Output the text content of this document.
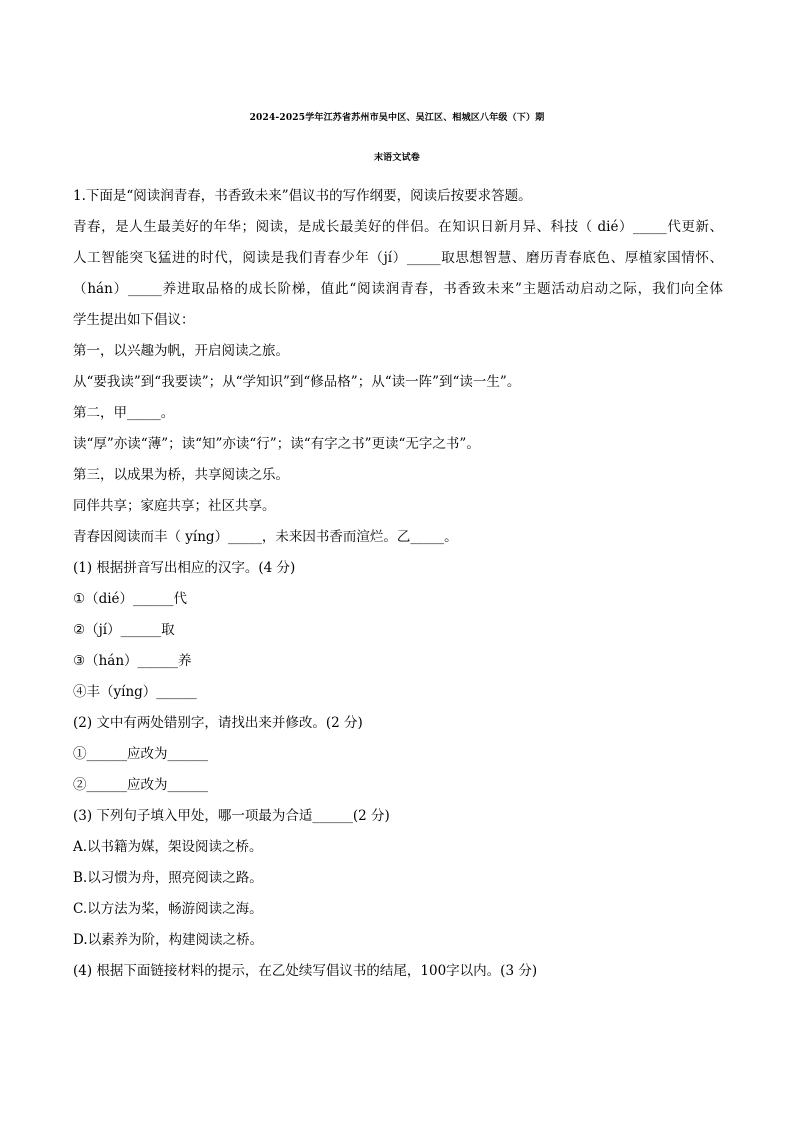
2024-2025学年江苏省苏州市吴中区、吴江区、相城区八年级（下）期
末语文试卷
1.下面是“阅读润青春，书香致未来”倡议书的写作纲要，阅读后按要求答题。
青春，是人生最美好的年华；阅读，是成长最美好的伴侣。在知识日新月异、科技（ dié）_____代更新、
人工智能突飞猛进的时代，阅读是我们青春少年（jí）_____取思想智慧、磨历青春底色、厚植家国情怀、
（hán）_____养进取品格的成长阶梯，值此“阅读润青春，书香致未来”主题活动启动之际，我们向全体
学生提出如下倡议：
第一，以兴趣为帆，开启阅读之旅。
从“要我读”到“我要读”；从“学知识”到“修品格”；从“读一阵”到“读一生”。
第二，甲_____。
读“厚”亦读“薄”；读“知”亦读“行”；读“有字之书”更读“无字之书”。
第三，以成果为桥，共享阅读之乐。
同伴共享；家庭共享；社区共享。
青春因阅读而丰（ yíng）_____，未来因书香而渲烂。乙_____。
(1) 根据拼音写出相应的汉字。(4 分)
①（dié）______代
②（jí）______取
③（hán）______养
④丰（yíng）______
(2) 文中有两处错别字，请找出来并修改。(2 分)
①______应改为______
②______应改为______
(3) 下列句子填入甲处，哪一项最为合适______(2 分)
A.以书籍为媒，架设阅读之桥。
B.以习惯为舟，照亮阅读之路。
C.以方法为桨，畅游阅读之海。
D.以素养为阶，构建阅读之桥。
(4) 根据下面链接材料的提示，在乙处续写倡议书的结尾，100字以内。(3 分)
